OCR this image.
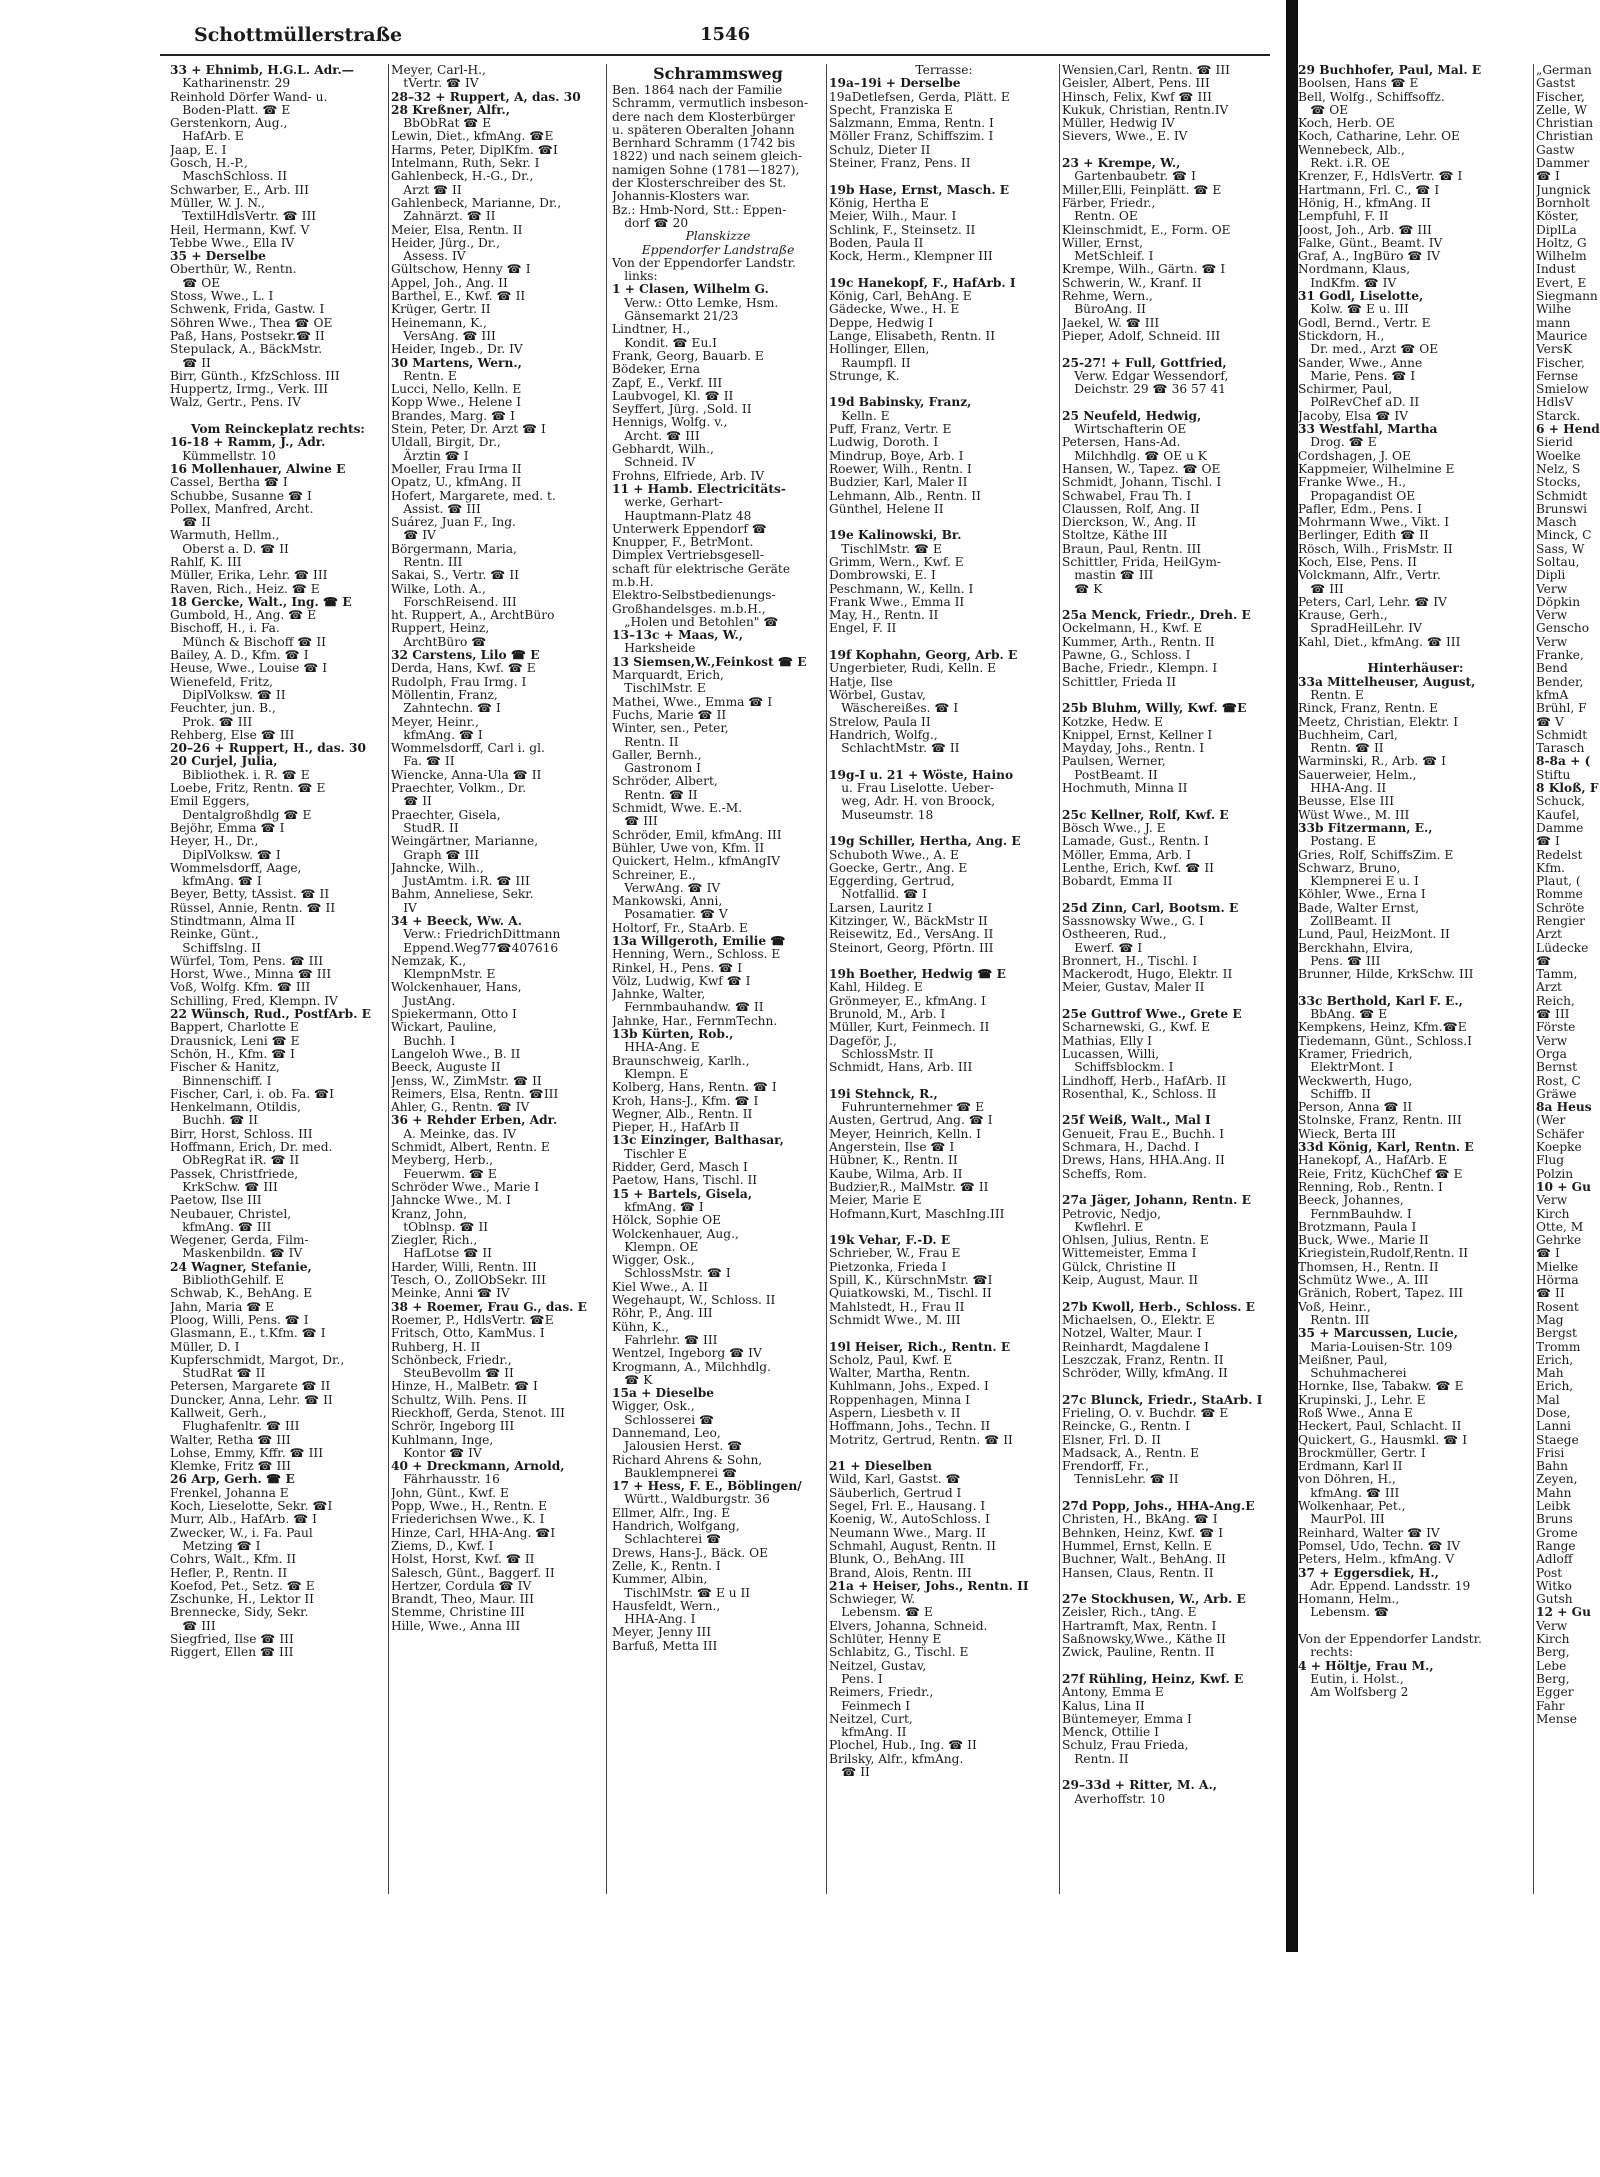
Schottmüllerstraße	1546
33 + Ehnimb, H.G.L. Adr.—
 Katharinenstr. 29
Reinhold Dörfer Wand- u.
 Boden-Platt. ☎ E
Gerstenkorn, Aug.,
 HafArb. E
Jaap, E. I
Gosch, H.-P.,
 MaschSchloss. II
Schwarber, E., Arb. III
Müller, W. J. N.,
 TextilHdlsVertr. ☎ III
Heil, Hermann, Kwf. V
Tebbe Wwe., Ella IV
35 + Derselbe
Oberthür, W., Rentn.
 ☎ OE
Stoss, Wwe., L. I
Schwenk, Frida, Gastw. I
Söhren Wwe., Thea ☎ OE
Paß, Hans, Postsekr.☎ II
Stepulack, A., BäckMstr.
 ☎ II
Birr, Günth., KfzSchloss. III
Huppertz, Irmg., Verk. III
Walz, Gertr., Pens. IV
Vom Reinckeplatz rechts:
16-18 + Ramm, J., Adr.
 Kümmellstr. 10
16 Mollenhauer, Alwine E
Cassel, Bertha ☎ I
Schubbe, Susanne ☎ I
Pollex, Manfred, Archt.
 ☎ II
Warmuth, Hellm.,
 Oberst a. D. ☎ II
Rahlf, K. III
Müller, Erika, Lehr. ☎ III
Raven, Rich., Heiz. ☎ E
18 Gercke, Walt., Ing. ☎ E
Gumbold, H., Ang. ☎ E
Bischoff, H., i. Fa.
 Münch & Bischoff ☎ II
Bailey, A. D., Kfm. ☎ I
Heuse, Wwe., Louise ☎ I
Wienefeld, Fritz,
 DiplVolksw. ☎ II
Feuchter, jun. B.,
 Prok. ☎ III
Rehberg, Else ☎ III
20–26 + Ruppert, H., das. 30
20 Curjel, Julia,
 Bibliothek. i. R. ☎ E
Loebe, Fritz, Rentn. ☎ E
Emil Eggers,
 Dentalgroßhdlg ☎ E
Bejöhr, Emma ☎ I
Heyer, H., Dr.,
 DiplVolksw. ☎ I
Wommelsdorff, Aage,
 kfmAng. ☎ I
Beyer, Betty, tAssist. ☎ II
Rüssel, Annie, Rentn. ☎ II
Stindtmann, Alma II
Reinke, Günt.,
 Schiffslng. II
Würfel, Tom, Pens. ☎ III
Horst, Wwe., Minna ☎ III
Voß, Wolfg. Kfm. ☎ III
Schilling, Fred, Klempn. IV
22 Wünsch, Rud., PostfArb. E
Bappert, Charlotte E
Drausnick, Leni ☎ E
Schön, H., Kfm. ☎ I
Fischer & Hanitz,
 Binnenschiff. I
Fischer, Carl, i. ob. Fa. ☎I
Henkelmann, Otildis,
 Buchh. ☎ II
Birr, Horst, Schloss. III
Hoffmann, Erich, Dr. med.
 ObRegRat iR. ☎ II
Passek, Christfriede,
 KrkSchw. ☎ III
Paetow, Ilse III
Neubauer, Christel,
 kfmAng. ☎ III
Wegener, Gerda, Film-
 Maskenbildn. ☎ IV
24 Wagner, Stefanie,
 BibliothGehilf. E
Schwab, K., BehAng. E
Jahn, Maria ☎ E
Ploog, Willi, Pens. ☎ I
Glasmann, E., t.Kfm. ☎ I
Müller, D. I
Kupferschmidt, Margot, Dr.,
 StudRat ☎ II
Petersen, Margarete ☎ II
Duncker, Anna, Lehr. ☎ II
Kallweit, Gerh.,
 Flughafenltr. ☎ III
Walter, Retha ☎ III
Lohse, Emmy, Kffr. ☎ III
Klemke, Fritz ☎ III
26 Arp, Gerh. ☎ E
Frenkel, Johanna E
Koch, Lieselotte, Sekr. ☎I
Murr, Alb., HafArb. ☎ I
Zwecker, W., i. Fa. Paul
 Metzing ☎ I
Cohrs, Walt., Kfm. II
Hefler, P., Rentn. II
Koefod, Pet., Setz. ☎ E
Zschunke, H., Lektor II
Brennecke, Sidy, Sekr.
 ☎ III
Siegfried, Ilse ☎ III
Riggert, Ellen ☎ III
Meyer, Carl-H.,
 tVertr. ☎ IV
28–32 + Ruppert, A, das. 30
28 Kreßner, Alfr.,
 BbObRat ☎ E
Lewin, Diet., kfmAng. ☎E
Harms, Peter, DiplKfm. ☎I
Intelmann, Ruth, Sekr. I
Gahlenbeck, H.-G., Dr.,
 Arzt ☎ II
Gahlenbeck, Marianne, Dr.,
 Zahnärzt. ☎ II
Meier, Elsa, Rentn. II
Heider, Jürg., Dr.,
 Assess. IV
Gültschow, Henny ☎ I
Appel, Joh., Ang. II
Barthel, E., Kwf. ☎ II
Krüger, Gertr. II
Heinemann, K.,
 VersAng. ☎ III
Heider, Ingeb., Dr. IV
30 Martens, Wern.,
 Rentn. E
Lucci, Nello, Kelln. E
Kopp Wwe., Helene I
Brandes, Marg. ☎ I
Stein, Peter, Dr. Arzt ☎ I
Uldall, Birgit, Dr.,
 Ärztin ☎ I
Moeller, Frau Irma II
Opatz, U., kfmAng. II
Hofert, Margarete, med. t.
 Assist. ☎ III
Suárez, Juan F., Ing.
 ☎ IV
Börgermann, Maria,
 Rentn. III
Sakai, S., Vertr. ☎ II
Wilke, Loth. A.,
 ForschReisend. III
ht. Ruppert, A., ArchtBüro
Ruppert, Heinz,
 ArchtBüro ☎
32 Carstens, Lilo ☎ E
Derda, Hans, Kwf. ☎ E
Rudolph, Frau Irmg. I
Möllentin, Franz,
 Zahntechn. ☎ I
Meyer, Heinr.,
 kfmAng. ☎ I
Wommelsdorff, Carl i. gl.
 Fa. ☎ II
Wiencke, Anna-Ula ☎ II
Praechter, Volkm., Dr.
 ☎ II
Praechter, Gisela,
 StudR. II
Weingärtner, Marianne,
 Graph ☎ III
Jahncke, Wilh.,
 JustAmtm. i.R. ☎ III
Bahm, Anneliese, Sekr.
 IV
34 + Beeck, Ww. A.
 Verw.: FriedrichDittmann
 Eppend.Weg77☎407616
Nemzak, K.,
 KlempnMstr. E
Wolckenhauer, Hans,
 JustAng.
Spiekermann, Otto I
Wickart, Pauline,
 Buchh. I
Langeloh Wwe., B. II
Beeck, Auguste II
Jenss, W., ZimMstr. ☎ II
Reimers, Elsa, Rentn. ☎III
Ahler, G., Rentn. ☎ IV
36 + Rehder Erben, Adr.
 A. Meinke, das. IV
Schmidt, Albert, Rentn. E
Meyberg, Herb.,
 Feuerwm. ☎ E
Schröder Wwe., Marie I
Jahncke Wwe., M. I
Kranz, John,
 tOblnsp. ☎ II
Ziegler, Rich.,
 HafLotse ☎ II
Harder, Willi, Rentn. III
Tesch, O., ZollObSekr. III
Meinke, Anni ☎ IV
38 + Roemer, Frau G., das. E
Roemer, P., HdlsVertr. ☎E
Fritsch, Otto, KamMus. I
Ruhberg, H. II
Schönbeck, Friedr.,
 SteuBevollm ☎ II
Hinze, H., MalBetr. ☎ I
Schultz, Wilh. Pens. II
Rieckhoff, Gerda, Stenot. III
Schrör, Ingeborg III
Kuhlmann, Inge,
 Kontor ☎ IV
40 + Dreckmann, Arnold,
 Fährhausstr. 16
John, Günt., Kwf. E
Popp, Wwe., H., Rentn. E
Friederichsen Wwe., K. I
Hinze, Carl, HHA-Ang. ☎I
Ziems, D., Kwf. I
Holst, Horst, Kwf. ☎ II
Salesch, Günt., Baggerf. II
Hertzer, Cordula ☎ IV
Brandt, Theo, Maur. III
Stemme, Christine III
Hille, Wwe., Anna III
Schrammsweg
Ben. 1864 nach der Familie
Schramm, vermutlich insbeson-
dere nach dem Klosterbürger
u. späteren Oberalten Johann
Bernhard Schramm (1742 bis
1822) und nach seinem gleich-
namigen Sohne (1781—1827),
der Klosterschreiber des St.
Johannis-Klosters war.
Bz.: Hmb-Nord, Stt.: Eppen-
 dorf ☎ 20
Planskizze
Eppendorfer Landstraße
Von der Eppendorfer Landstr.
 links:
1 + Clasen, Wilhelm G.
 Verw.: Otto Lemke, Hsm.
 Gänsemarkt 21/23
Lindtner, H.,
 Kondit. ☎ Eu.I
Frank, Georg, Bauarb. E
Bödeker, Erna
Zapf, E., Verkf. III
Laubvogel, Kl. ☎ II
Seyffert, Jürg. ,Sold. II
Hennigs, Wolfg. v.,
 Archt. ☎ III
Gebhardt, Wilh.,
 Schneid. IV
Frohns, Elfriede, Arb. IV
11 + Hamb. Electricitäts-
 werke, Gerhart-
 Hauptmann-Platz 48
Unterwerk Eppendorf ☎
Knupper, F., BetrMont.
Dimplex Vertriebsgesell-
schaft für elektrische Geräte
m.b.H.
Elektro-Selbstbedienungs-
Großhandelsges. m.b.H.,
 „Holen und Betohlen" ☎
13–13c + Maas, W.,
 Harksheide
13 Siemsen,W.,Feinkost ☎ E
Marquardt, Erich,
 TischlMstr. E
Mathei, Wwe., Emma ☎ I
Fuchs, Marie ☎ II
Winter, sen., Peter,
 Rentn. II
Galler, Bernh.,
 Gastronom I
Schröder, Albert,
 Rentn. ☎ II
Schmidt, Wwe. E.-M.
 ☎ III
Schröder, Emil, kfmAng. III
Bühler, Uwe von, Kfm. II
Quickert, Helm., kfmAngIV
Schreiner, E.,
 VerwAng. ☎ IV
Mankowski, Anni,
 Posamatier. ☎ V
Holtorf, Fr., StaArb. E
13a Willgeroth, Emilie ☎
Henning, Wern., Schloss. E
Rinkel, H., Pens. ☎ I
Völz, Ludwig, Kwf ☎ I
Jahnke, Walter,
 Fernmbauhandw. ☎ II
Jahnke, Har., FernmTechn.
13b Kürten, Rob.,
 HHA-Ang. E
Braunschweig, Karlh.,
 Klempn. E
Kolberg, Hans, Rentn. ☎ I
Kroh, Hans-J., Kfm. ☎ I
Wegner, Alb., Rentn. II
Pieper, H., HafArb II
13c Einzinger, Balthasar,
 Tischler E
Ridder, Gerd, Masch I
Paetow, Hans, Tischl. II
15 + Bartels, Gisela,
 kfmAng. ☎ I
Hölck, Sophie OE
Wolckenhauer, Aug.,
 Klempn. OE
Wigger, Osk.,
 SchlossMstr. ☎ I
Kiel Wwe., A. II
Wegehaupt, W., Schloss. II
Röhr, P., Ang. III
Kühn, K.,
 Fahrlehr. ☎ III
Wentzel, Ingeborg ☎ IV
Krogmann, A., Milchhdlg.
 ☎ K
15a + Dieselbe
Wigger, Osk.,
 Schlosserei ☎
Dannemand, Leo,
 Jalousien Herst. ☎
Richard Ahrens & Sohn,
 Bauklempnerei ☎
17 + Hess, F. E., Böblingen/
 Württ., Waldburgstr. 36
Ellmer, Alfr., Ing. E
Handrich, Wolfgang,
 Schlachterei ☎
Drews, Hans-J., Bäck. OE
Zelle, K., Rentn. I
Kummer, Albin,
 TischlMstr. ☎ E u II
Hausfeldt, Wern.,
 HHA-Ang. I
Meyer, Jenny III
Barfuß, Metta III
Terrasse:
19a–19i + Derselbe
19aDetlefsen, Gerda, Plätt. E
Specht, Franziska E
Salzmann, Emma, Rentn. I
Möller Franz, Schiffszim. I
Schulz, Dieter II
Steiner, Franz, Pens. II
19b Hase, Ernst, Masch. E
König, Hertha E
Meier, Wilh., Maur. I
Schlink, F., Steinsetz. II
Boden, Paula II
Kock, Herm., Klempner III
19c Hanekopf, F., HafArb. I
König, Carl, BehAng. E
Gädecke, Wwe., H. E
Deppe, Hedwig I
Lange, Elisabeth, Rentn. II
Hollinger, Ellen,
 Raumpfl. II
Strunge, K.
19d Babinsky, Franz,
 Kelln. E
Puff, Franz, Vertr. E
Ludwig, Doroth. I
Mindrup, Boye, Arb. I
Roewer, Wilh., Rentn. I
Budzier, Karl, Maler II
Lehmann, Alb., Rentn. II
Günthel, Helene II
19e Kalinowski, Br.
 TischlMstr. ☎ E
Grimm, Wern., Kwf. E
Dombrowski, E. I
Peschmann, W., Kelln. I
Frank Wwe., Emma II
May, H., Rentn. II
Engel, F. II
19f Kophahn, Georg, Arb. E
Ungerbieter, Rudi, Kelln. E
Hatje, Ilse
Wörbel, Gustav,
 Wäschereißes. ☎ I
Strelow, Paula II
Handrich, Wolfg.,
 SchlachtMstr. ☎ II
19g-I u. 21 + Wöste, Haino
 u. Frau Liselotte. Ueber-
 weg, Adr. H. von Broock,
 Museumstr. 18
19g Schiller, Hertha, Ang. E
Schuboth Wwe., A. E
Goecke, Gertr., Ang. E
Eggerding, Gertrud,
 Notfallid. ☎ I
Larsen, Lauritz I
Kitzinger, W., BäckMstr II
Reisewitz, Ed., VersAng. II
Steinort, Georg, Pförtn. III
19h Boether, Hedwig ☎ E
Kahl, Hildeg. E
Grönmeyer, E., kfmAng. I
Brunold, M., Arb. I
Müller, Kurt, Feinmech. II
Dageför, J.,
 SchlossMstr. II
Schmidt, Hans, Arb. III
19i Stehnck, R.,
 Fuhrunternehmer ☎ E
Austen, Gertrud, Ang. ☎ I
Meyer, Heinrich, Kelln. I
Angerstein, Ilse ☎ I
Hübner, K., Rentn. II
Kaube, Wilma, Arb. II
Budzier,R., MalMstr. ☎ II
Meier, Marie E
Hofmann,Kurt, MaschIng.III
19k Vehar, F.-D. E
Schrieber, W., Frau E
Pietzonka, Frieda I
Spill, K., KürschnMstr. ☎I
Quiatkowski, M., Tischl. II
Mahlstedt, H., Frau II
Schmidt Wwe., M. III
19l Heiser, Rich., Rentn. E
Scholz, Paul, Kwf. E
Walter, Martha, Rentn.
Kuhlmann, Johs., Exped. I
Roppenhagen, Minna I
Aspern, Liesbeth v. II
Hoffmann, Johs., Techn. II
Motritz, Gertrud, Rentn. ☎ II
21 + Dieselben
Wild, Karl, Gastst. ☎
Säuberlich, Gertrud I
Segel, Frl. E., Hausang. I
Koenig, W., AutoSchloss. I
Neumann Wwe., Marg. II
Schmahl, August, Rentn. II
Blunk, O., BehAng. III
Brand, Alois, Rentn. III
21a + Heiser, Johs., Rentn. II
Schwieger, W.
 Lebensm. ☎ E
Elvers, Johanna, Schneid.
Schlüter, Henny E
Schlabitz, G., Tischl. E
Neitzel, Gustav,
 Pens. I
Reimers, Friedr.,
 Feinmech I
Neitzel, Curt,
 kfmAng. II
Plochel, Hub., Ing. ☎ II
Brilsky, Alfr., kfmAng.
 ☎ II
Wensien,Carl, Rentn. ☎ III
Geisler, Albert, Pens. III
Hinsch, Felix, Kwf ☎ III
Kukuk, Christian, Rentn.IV
Müller, Hedwig IV
Sievers, Wwe., E. IV
23 + Krempe, W.,
 Gartenbaubetr. ☎ I
Miller,Elli, Feinplätt. ☎ E
Färber, Friedr.,
 Rentn. OE
Kleinschmidt, E., Form. OE
Willer, Ernst,
 MetSchleif. I
Krempe, Wilh., Gärtn. ☎ I
Schwerin, W., Kranf. II
Rehme, Wern.,
 BüroAng. II
Jaekel, W. ☎ III
Pieper, Adolf, Schneid. III
25-27! + Full, Gottfried,
 Verw. Edgar Wessendorf,
 Deichstr. 29 ☎ 36 57 41
25 Neufeld, Hedwig,
 Wirtschafterin OE
Petersen, Hans-Ad.
 Milchhdlg. ☎ OE u K
Hansen, W., Tapez. ☎ OE
Schmidt, Johann, Tischl. I
Schwabel, Frau Th. I
Claussen, Rolf, Ang. II
Dierckson, W., Ang. II
Stoltze, Käthe III
Braun, Paul, Rentn. III
Schittler, Frida, HeilGym-
 mastin ☎ III
 ☎ K
25a Menck, Friedr., Dreh. E
Ockelmann, H., Kwf. E
Kummer, Arth., Rentn. II
Pawne, G., Schloss. I
Bache, Friedr., Klempn. I
Schittler, Frieda II
25b Bluhm, Willy, Kwf. ☎E
Kotzke, Hedw. E
Knippel, Ernst, Kellner I
Mayday, Johs., Rentn. I
Paulsen, Werner,
 PostBeamt. II
Hochmuth, Minna II
25c Kellner, Rolf, Kwf. E
Bösch Wwe., J. E
Lamade, Gust., Rentn. I
Möller, Emma, Arb. I
Lenthe, Erich, Kwf. ☎ II
Bobardt, Emma II
25d Zinn, Carl, Bootsm. E
Sassnowsky Wwe., G. I
Ostheeren, Rud.,
 Ewerf. ☎ I
Bronnert, H., Tischl. I
Mackerodt, Hugo, Elektr. II
Meier, Gustav, Maler II
25e Guttrof Wwe., Grete E
Scharnewski, G., Kwf. E
Mathias, Elly I
Lucassen, Willi,
 Schiffsblockm. I
Lindhoff, Herb., HafArb. II
Rosenthal, K., Schloss. II
25f Weiß, Walt., Mal I
Genueit, Frau E., Buchh. I
Schmara, H., Dachd. I
Drews, Hans, HHA.Ang. II
Scheffs, Rom.
27a Jäger, Johann, Rentn. E
Petrovic, Nedjo,
 Kwflehrl. E
Ohlsen, Julius, Rentn. E
Wittemeister, Emma I
Gülck, Christine II
Keip, August, Maur. II
27b Kwoll, Herb., Schloss. E
Michaelsen, O., Elektr. E
Notzel, Walter, Maur. I
Reinhardt, Magdalene I
Leszczak, Franz, Rentn. II
Schröder, Willy, kfmAng. II
27c Blunck, Friedr., StaArb. I
Frieling, O. v. Buchdr. ☎ E
Reincke, G., Rentn. I
Elsner, Frl. D. II
Madsack, A., Rentn. E
Frendorff, Fr.,
 TennisLehr. ☎ II
27d Popp, Johs., HHA-Ang.E
Christen, H., BkAng. ☎ I
Behnken, Heinz, Kwf. ☎ I
Hummel, Ernst, Kelln. E
Buchner, Walt., BehAng. II
Hansen, Claus, Rentn. II
27e Stockhusen, W., Arb. E
Zeisler, Rich., tAng. E
Hartramft, Max, Rentn. I
Saßnowsky,Wwe., Käthe II
Zwick, Pauline, Rentn. II
27f Rühling, Heinz, Kwf. E
Antony, Emma E
Kalus, Lina II
Büntemeyer, Emma I
Menck, Ottilie I
Schulz, Frau Frieda,
 Rentn. II
29–33d + Ritter, M. A.,
 Averhoffstr. 10
29 Buchhofer, Paul, Mal. E
Boolsen, Hans ☎ E
Bell, Wolfg., Schiffsoffz.
 ☎ OE
Koch, Herb. OE
Koch, Catharine, Lehr. OE
Wennebeck, Alb.,
 Rekt. i.R. OE
Krenzer, F., HdlsVertr. ☎ I
Hartmann, Frl. C., ☎ I
Hönig, H., kfmAng. II
Lempfuhl, F. II
Joost, Joh., Arb. ☎ III
Falke, Günt., Beamt. IV
Graf, A., IngBüro ☎ IV
Nordmann, Klaus,
 IndKfm. ☎ IV
31 Godl, Liselotte,
 Kolw. ☎ E u. III
Godl, Bernd., Vertr. E
Stickdorn, H.,
 Dr. med., Arzt ☎ OE
Sander, Wwe., Anne
 Marie, Pens. ☎ I
Schirmer, Paul,
 PolRevChef aD. II
Jacoby, Elsa ☎ IV
33 Westfahl, Martha
 Drog. ☎ E
Cordshagen, J. OE
Kappmeier, Wilhelmine E
Franke Wwe., H.,
 Propagandist OE
Pafler, Edm., Pens. I
Mohrmann Wwe., Vikt. I
Berlinger, Edith ☎ II
Rösch, Wilh., FrisMstr. II
Koch, Else, Pens. II
Volckmann, Alfr., Vertr.
 ☎ III
Peters, Carl, Lehr. ☎ IV
Krause, Gerh.,
 SpradHeilLehr. IV
Kahl, Diet., kfmAng. ☎ III
Hinterhäuser:
33a Mittelheuser, August,
 Rentn. E
Rinck, Franz, Rentn. E
Meetz, Christian, Elektr. I
Buchheim, Carl,
 Rentn. ☎ II
Warminski, R., Arb. ☎ I
Sauerweier, Helm.,
 HHA-Ang. II
Beusse, Else III
Wüst Wwe., M. III
33b Fitzermann, E.,
 Postang. E
Gries, Rolf, SchiffsZim. E
Schwarz, Bruno,
 Klempnerei E u. I
Köhler, Wwe., Erna I
Bade, Walter Ernst,
 ZollBeamt. II
Lund, Paul, HeizMont. II
Berckhahn, Elvira,
 Pens. ☎ III
Brunner, Hilde, KrkSchw. III
33c Berthold, Karl F. E.,
 BbAng. ☎ E
Kempkens, Heinz, Kfm.☎E
Tiedemann, Günt., Schloss.I
Kramer, Friedrich,
 ElektrMont. I
Weckwerth, Hugo,
 Schiffb. II
Person, Anna ☎ II
Stolnske, Franz, Rentn. III
Wieck, Berta III
33d König, Karl, Rentn. E
Hanekopf, A., HafArb. E
Reie, Fritz, KüchChef ☎ E
Renning, Rob., Rentn. I
Beeck, Johannes,
 FernmBauhdw. I
Brotzmann, Paula I
Buck, Wwe., Marie II
Kriegistein,Rudolf,Rentn. II
Thomsen, H., Rentn. II
Schmütz Wwe., A. III
Gränich, Robert, Tapez. III
Voß, Heinr.,
 Rentn. III
35 + Marcussen, Lucie,
 Maria-Louisen-Str. 109
Meißner, Paul,
 Schuhmacherei
Hornke, Ilse, Tabakw. ☎ E
Krupinski, J., Lehr. E
Roß Wwe., Anna E
Heckert, Paul, Schlacht. II
Quickert, G., Hausmkl. ☎ I
Brockmüller, Gertr. I
Erdmann, Karl II
von Döhren, H.,
 kfmAng. ☎ III
Wolkenhaar, Pet.,
 MaurPol. III
Reinhard, Walter ☎ IV
Pomsel, Udo, Techn. ☎ IV
Peters, Helm., kfmAng. V
37 + Eggersdiek, H.,
 Adr. Eppend. Landsstr. 19
Homann, Helm.,
 Lebensm. ☎
Von der Eppendorfer Landstr.
 rechts:
4 + Höltje, Frau M.,
 Eutin, i. Holst.,
 Am Wolfsberg 2
„German
Gastst
Fischer,
Zelle, W
Christian
Christian
Gastw
Dammer
☎ I
Jungnick
Bornholt
Köster,
DiplLa
Holtz, G
Wilhelm
Indust
Evert, E
Siegmann
Wilhe
mann
Maurice
VersK
Fischer,
Fernse
Smielow
HdlsV
Starck.
6 + Hend
Sierid
Woelke
Nelz, S
Stocks,
Schmidt
Brunswi
Masch
Minck, C
Sass, W
Soltau,
Dipli
Verw
Döpkin
Verw
Genscho
Verw
Franke,
Bend
Bender,
kfmA
Brühl, F
☎ V
Schmidt
Tarasch
8-8a + (
Stiftu
8 Kloß, F
Schuck,
Kaufel,
Damme
☎ I
Redelst
Kfm.
Plaut, (
Romme
Schröte
Rengier
Arzt
Lüdecke
☎
Tamm,
Arzt
Reich,
☎ III
Förste
Verw
Orga
Bernst
Rost, C
Gräwe
8a Heus
(Wer
Schäfer
Koepke
Flug
Polzin
10 + Gu
Verw
Kirch
Otte, M
Gehrke
☎ I
Mielke
Hörma
☎ II
Rosent
Mag
Bergst
Tromm
Erich,
Mah
Erich,
Mal
Dose,
Lanni
Staege
Frisi
Bahn
Zeyen,
Mahn
Leibk
Bruns
Grome
Range
Adloff
Post
Witko
Gutsh
12 + Gu
Verw
Kirch
Berg,
Lebe
Berg,
Egger
Fahr
Mense
